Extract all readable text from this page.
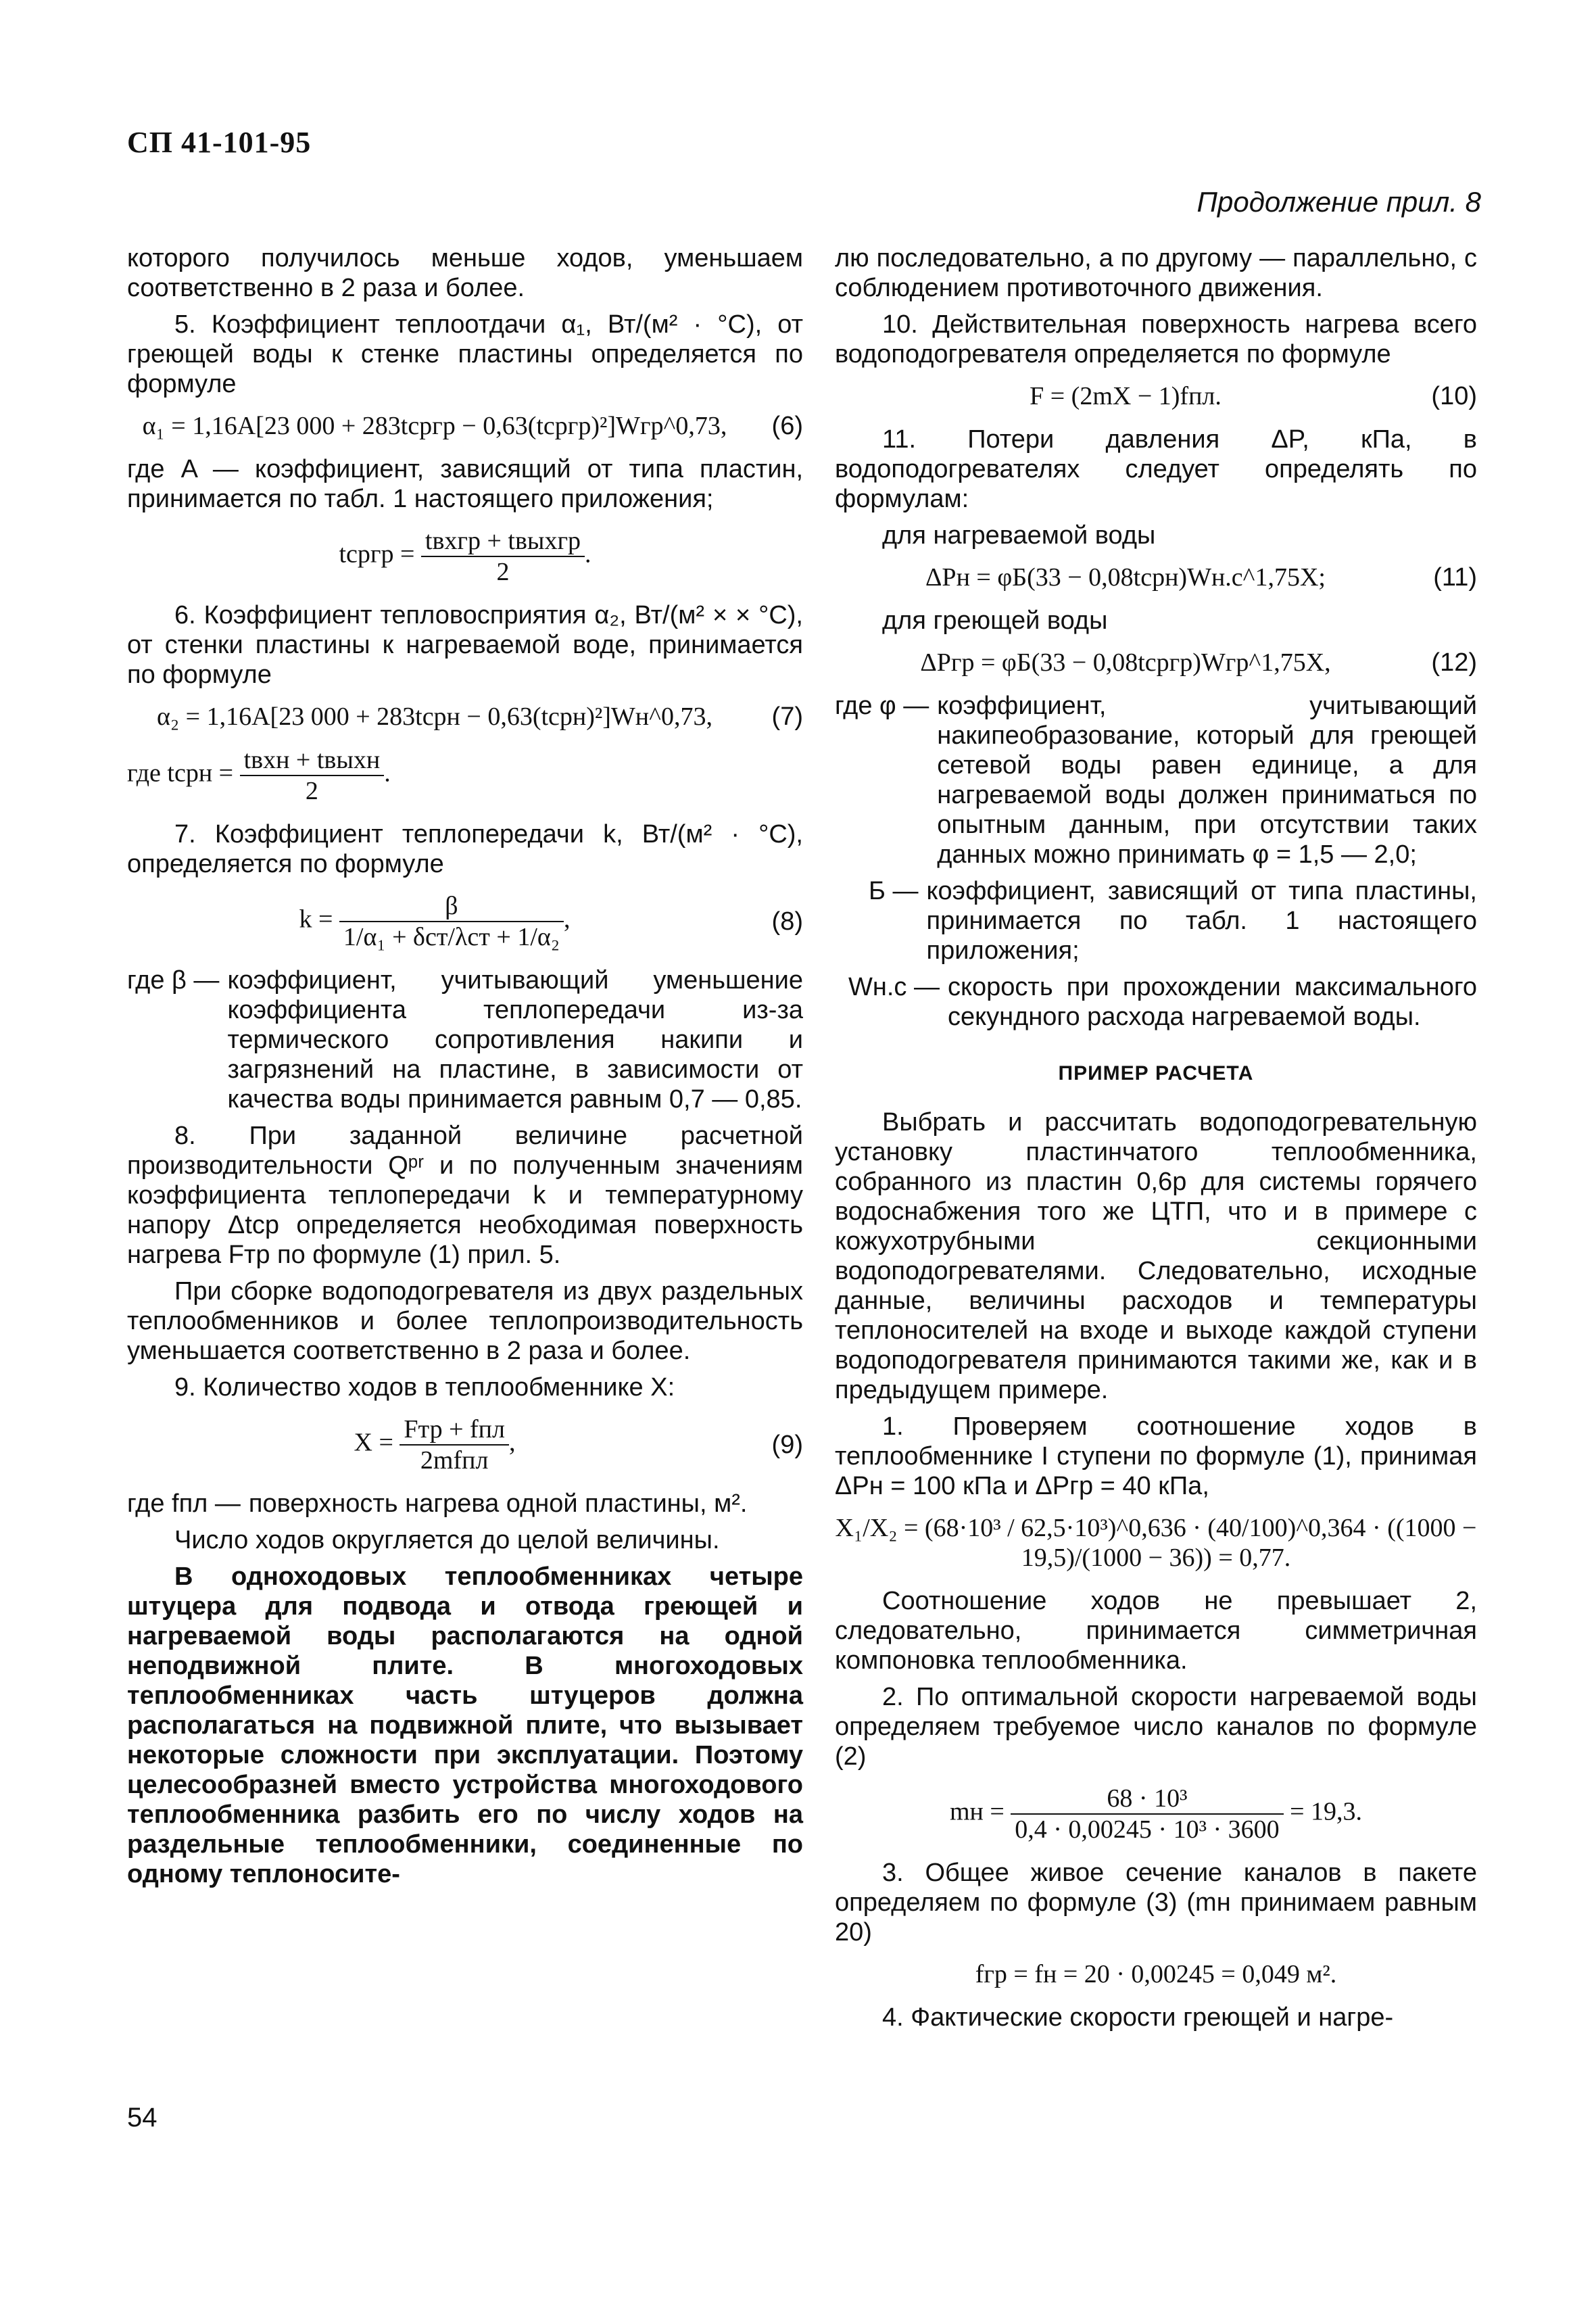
СП 41-101-95
Продолжение прил. 8

которого получилось меньше ходов, уменьшаем соответственно в 2 раза и более.

5. Коэффициент теплоотдачи α₁, Вт/(м² · °С), от греющей воды к стенке пластины определяется по формуле

α₁ = 1,16A[23 000 + 283tсргр − 0,63(tсргр)²]Wгр^0,73,	(6)

где A — коэффициент, зависящий от типа пластин, принимается по табл. 1 настоящего приложения;

tсргр = $\frac{\text{tвхгр + tвыхгр}}{2}$ .

6. Коэффициент тепловосприятия α₂, Вт/(м² × × °С), от стенки пластины к нагреваемой воде, принимается по формуле

α₂ = 1,16A[23 000 + 283tсрн − 0,63(tсрн)²]Wн^0,73,	(7)
где tсрн = $\frac{\text{tвхн + tвыхн}}{2}$ .

7. Коэффициент теплопередачи k, Вт/(м² · °С), определяется по формуле

$k = \frac{\beta}{\text{1/α₁ + δст/λст + 1/α₂}}$ ,	(8)
где β — коэффициент, учитывающий уменьшение коэффициента теплопередачи из-за термического сопротивления накипи и загрязнений на пластине, в зависимости от качества воды принимается равным 0,7 — 0,85.

8. При заданной величине расчетной производительности Qᵖʳ и по полученным значениям коэффициента теплопередачи k и температурному напору Δtср определяется необходимая поверхность нагрева Fтр по формуле (1) прил. 5.

При сборке водоподогревателя из двух раздельных теплообменников и более теплопроизводительность уменьшается соответственно в 2 раза и более.

9. Количество ходов в теплообменнике X:

$X = \frac{\text{Fтр + fпл}}{\text{2mfпл}}$ ,	(9)
где fпл — поверхность нагрева одной пластины, м².

Число ходов округляется до целой величины.

В одноходовых теплообменниках четыре штуцера для подвода и отвода греющей и нагреваемой воды располагаются на одной неподвижной плите. В многоходовых теплообменниках часть штуцеров должна располагаться на подвижной плите, что вызывает некоторые сложности при эксплуатации. Поэтому целесообразней вместо устройства многоходового теплообменника разбить его по числу ходов на раздельные теплообменники, соединенные по одному теплоносите-

лю последовательно, а по другому — параллельно, с соблюдением противоточного движения.

10. Действительная поверхность нагрева всего водоподогревателя определяется по формуле

F = (2mX − 1)fпл.	(10)

11. Потери давления ΔP, кПа, в водоподогревателях следует определять по формулам:

для нагреваемой воды

ΔPн = φБ(33 − 0,08tсрн)Wн.с^1,75X;	(11)

для греющей воды

ΔPгр = φБ(33 − 0,08tсргр)Wгр^1,75X,	(12)
где φ — коэффициент, учитывающий накипеобразование, который для греющей сетевой воды равен единице, а для нагреваемой воды должен приниматься по опытным данным, при отсутствии таких данных можно принимать φ = 1,5 — 2,0;
Б — коэффициент, зависящий от типа пластины, принимается по табл. 1 настоящего приложения;
Wн.с — скорость при прохождении максимального секундного расхода нагреваемой воды.
ПРИМЕР РАСЧЕТА

Выбрать и рассчитать водоподогревательную установку пластинчатого теплообменника, собранного из пластин 0,6р для системы горячего водоснабжения того же ЦТП, что и в примере с кожухотрубными секционными водоподогревателями. Следовательно, исходные данные, величины расходов и температуры теплоносителей на входе и выходе каждой ступени водоподогревателя принимаются такими же, как и в предыдущем примере.

1. Проверяем соотношение ходов в теплообменнике I ступени по формуле (1), принимая ΔPн = 100 кПа и ΔPгр = 40 кПа,

X₁/X₂ = (68·10³ / 62,5·10³)^0,636 · (40/100)^0,364 · ((1000 − 19,5)/(1000 − 36)) = 0,77.

Соотношение ходов не превышает 2, следовательно, принимается симметричная компоновка теплообменника.

2. По оптимальной скорости нагреваемой воды определяем требуемое число каналов по формуле (2)

mн = $\frac{\text{68 · 10³}}{\text{0,4 · 0,00245 · 10³ · 3600}} = 19,3$.

3. Общее живое сечение каналов в пакете определяем по формуле (3) (mн принимаем равным 20)

fгр = fн = 20 · 0,00245 = 0,049 м².

4. Фактические скорости греющей и нагре-

54
